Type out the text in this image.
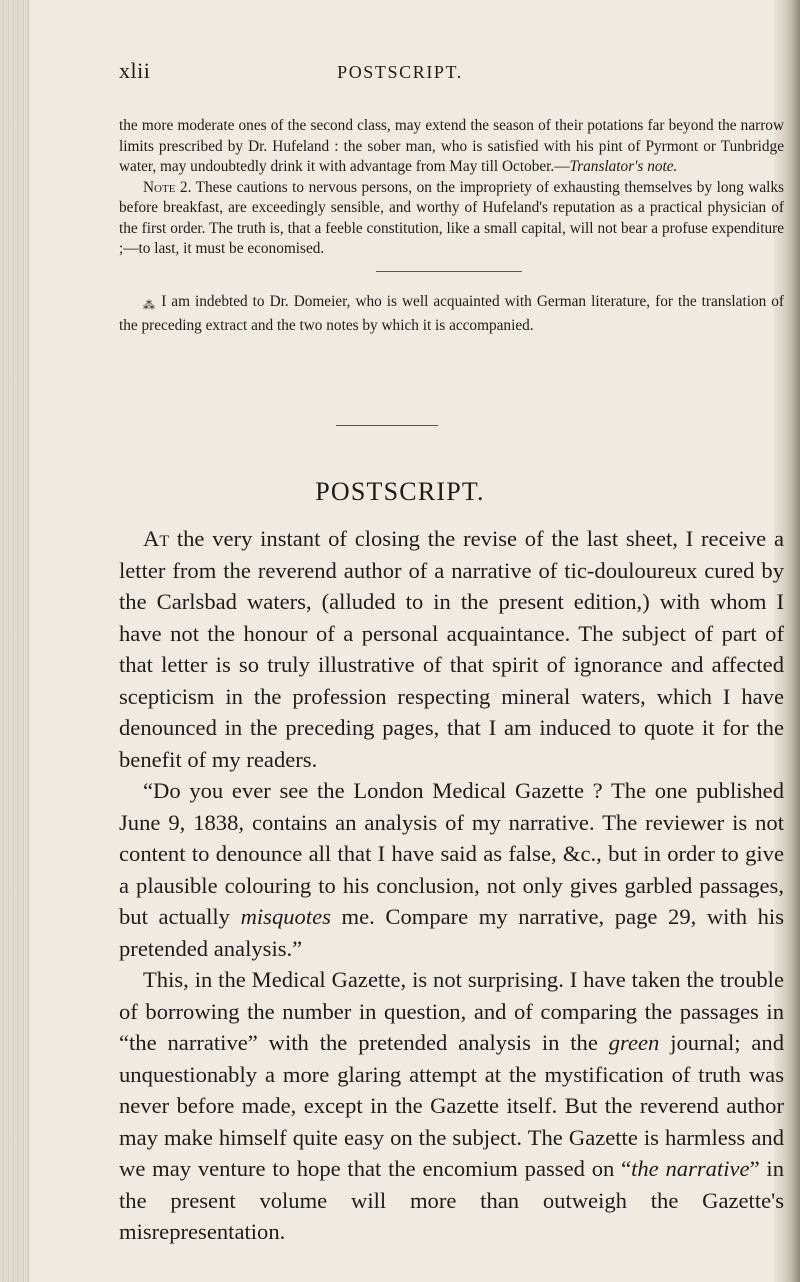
xlii	POSTSCRIPT.

the more moderate ones of the second class, may extend the season of their potations far beyond the narrow limits prescribed by Dr. Hufeland : the sober man, who is satisfied with his pint of Pyrmont or Tunbridge water, may undoubtedly drink it with advantage from May till October.—Translator's note.

Note 2. These cautions to nervous persons, on the impropriety of exhausting themselves by long walks before breakfast, are exceedingly sensible, and worthy of Hufeland's reputation as a practical physician of the first order. The truth is, that a feeble constitution, like a small capital, will not bear a profuse expenditure ;—to last, it must be economised.

⁂ I am indebted to Dr. Domeier, who is well acquainted with German literature, for the translation of the preceding extract and the two notes by which it is accompanied.

POSTSCRIPT.

At the very instant of closing the revise of the last sheet, I receive a letter from the reverend author of a narrative of tic-douloureux cured by the Carlsbad waters, (alluded to in the present edition,) with whom I have not the honour of a personal acquaintance. The subject of part of that letter is so truly illustrative of that spirit of ignorance and affected scepticism in the profession respecting mineral waters, which I have denounced in the preceding pages, that I am induced to quote it for the benefit of my readers.

“Do you ever see the London Medical Gazette ? The one published June 9, 1838, contains an analysis of my narrative. The reviewer is not content to denounce all that I have said as false, &c., but in order to give a plausible colouring to his conclusion, not only gives garbled passages, but actually misquotes me. Compare my narrative, page 29, with his pretended analysis.”

This, in the Medical Gazette, is not surprising. I have taken the trouble of borrowing the number in question, and of comparing the passages in “the narrative” with the pretended analysis in the green journal; and unquestionably a more glaring attempt at the mystification of truth was never before made, except in the Gazette itself. But the reverend author may make himself quite easy on the subject. The Gazette is harmless and we may venture to hope that the encomium passed on “the narrative” in the present volume will more than outweigh the Gazette's misrepresentation.
